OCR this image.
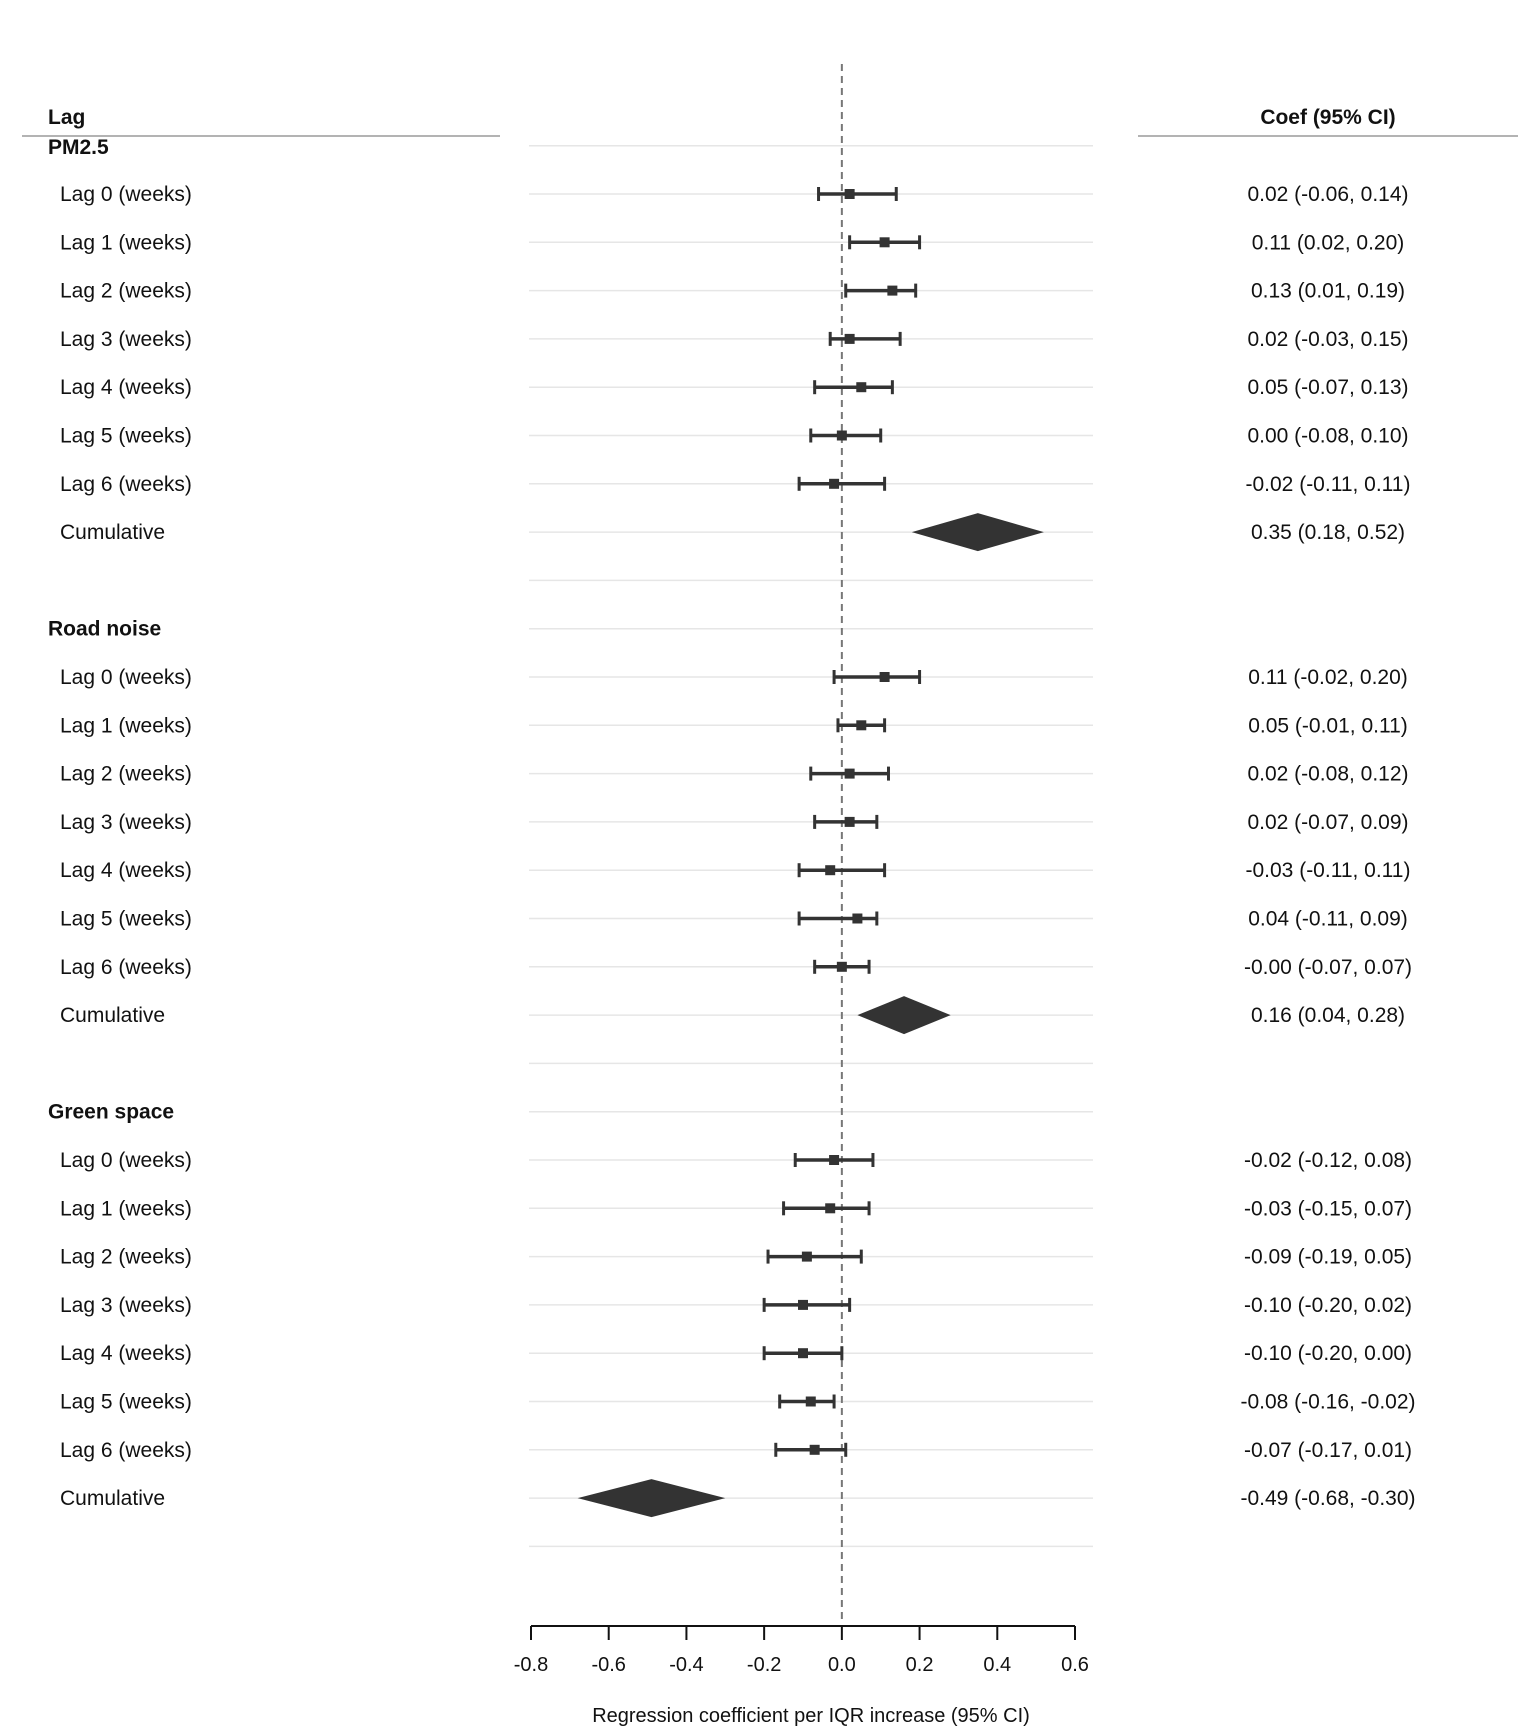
Lag	Coef (95% CI)
PM2.5
Lag 0 (weeks)
Lag 1 (weeks)
Lag 2 (weeks)
Lag 3 (weeks)
Lag 4 (weeks)
Lag 5 (weeks)
Lag 6 (weeks)
Cumulative
Road noise
Lag 0 (weeks)
Lag 1 (weeks)
Lag 2 (weeks)
Lag 3 (weeks)
Lag 4 (weeks)
Lag 5 (weeks)
Lag 6 (weeks)
Cumulative
Green space
Lag 0 (weeks)
Lag 1 (weeks)
Lag 2 (weeks)
Lag 3 (weeks)
Lag 4 (weeks)
Lag 5 (weeks)
Lag 6 (weeks)
Cumulative
0.02 (-0.06, 0.14)
0.11 (0.02, 0.20)
0.13 (0.01, 0.19)
0.02 (-0.03, 0.15)
0.05 (-0.07, 0.13)
0.00 (-0.08, 0.10)
-0.02 (-0.11, 0.11)
0.35 (0.18, 0.52)
0.11 (-0.02, 0.20)
0.05 (-0.01, 0.11)
0.02 (-0.08, 0.12)
0.02 (-0.07, 0.09)
-0.03 (-0.11, 0.11)
0.04 (-0.11, 0.09)
-0.00 (-0.07, 0.07)
0.16 (0.04, 0.28)
-0.02 (-0.12, 0.08)
-0.03 (-0.15, 0.07)
-0.09 (-0.19, 0.05)
-0.10 (-0.20, 0.02)
-0.10 (-0.20, 0.00)
-0.08 (-0.16, -0.02)
-0.07 (-0.17, 0.01)
-0.49 (-0.68, -0.30)
-0.8 -0.6 -0.4 -0.2 0.0 0.2 0.4 0.6
Regression coefficient per IQR increase (95% CI)
